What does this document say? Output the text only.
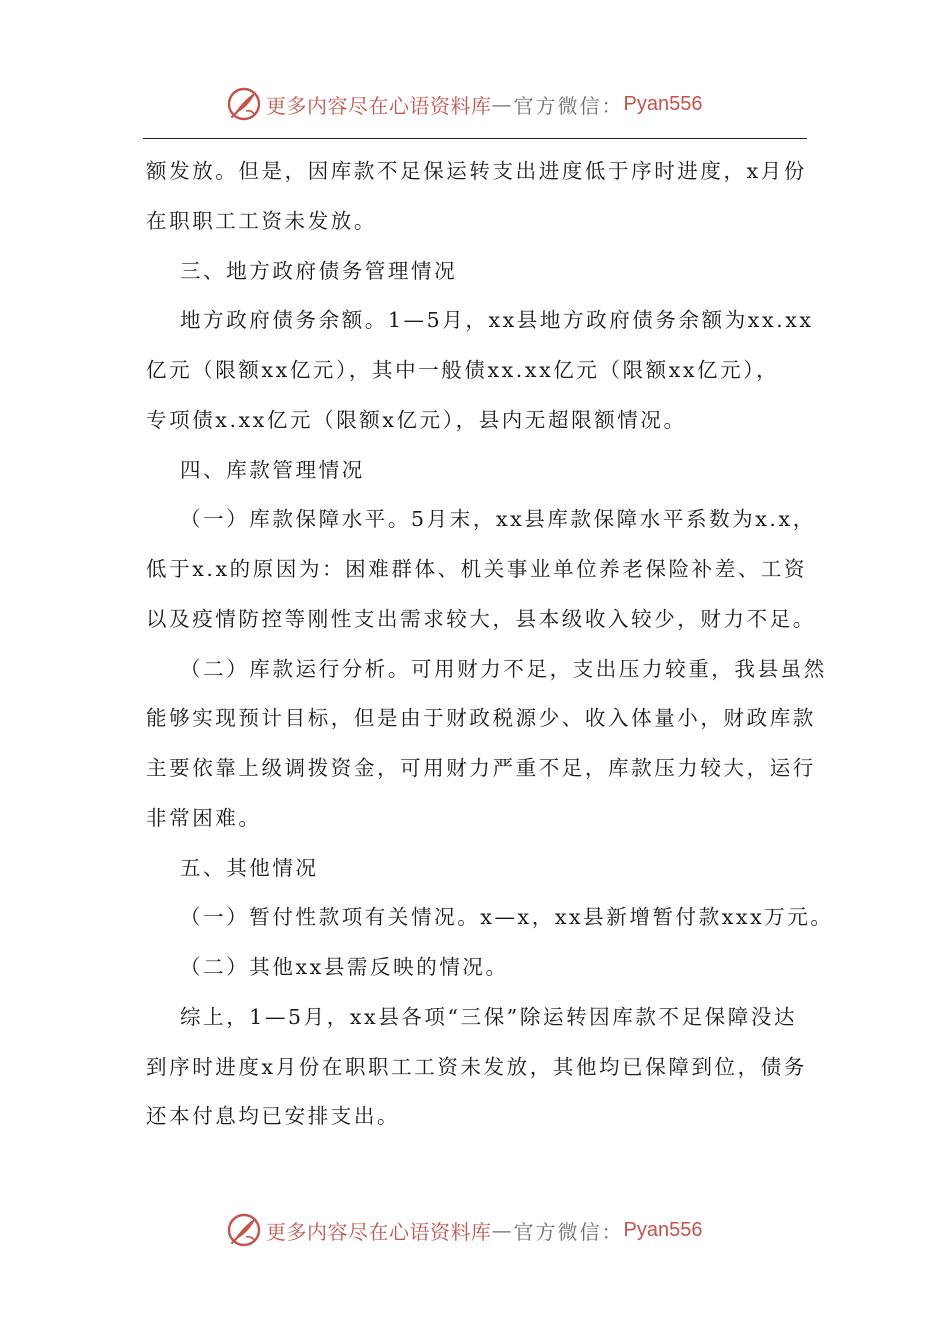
更多内容尽在心语资料库 — 官方微信： Pyan556
额发放。但是，因库款不足保运转支出进度低于序时进度，x月份
在职职工工资未发放。
三、地方政府债务管理情况
地方政府债务余额。1—5月，xx县地方政府债务余额为xx.xx
亿元（限额xx亿元），其中一般债xx.xx亿元（限额xx亿元），
专项债x.xx亿元（限额x亿元），县内无超限额情况。
四、库款管理情况
（一）库款保障水平。5月末，xx县库款保障水平系数为x.x，
低于x.x的原因为：困难群体、机关事业单位养老保险补差、工资
以及疫情防控等刚性支出需求较大，县本级收入较少，财力不足。
（二）库款运行分析。可用财力不足，支出压力较重，我县虽然
能够实现预计目标，但是由于财政税源少、收入体量小，财政库款
主要依靠上级调拨资金，可用财力严重不足，库款压力较大，运行
非常困难。
五、其他情况
（一）暂付性款项有关情况。x—x，xx县新增暂付款xxx万元。
（二）其他xx县需反映的情况。
综上，1—5月，xx县各项“三保”除运转因库款不足保障没达
到序时进度x月份在职职工工资未发放，其他均已保障到位，债务
还本付息均已安排支出。
更多内容尽在心语资料库 — 官方微信： Pyan556
